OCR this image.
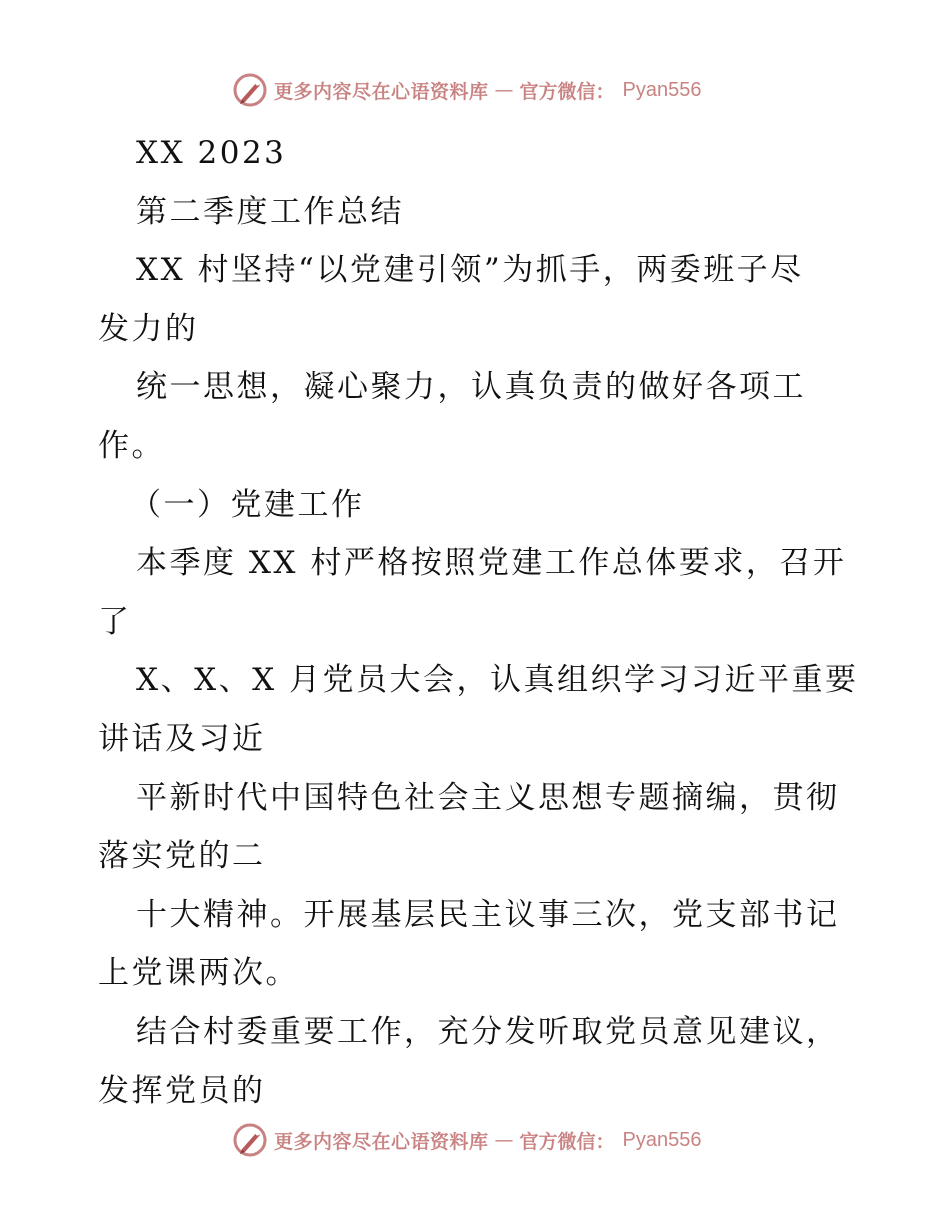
更多内容尽在心语资料库 — 官方微信： Pyan556
XX 2023
第二季度工作总结
XX 村坚持“以党建引领”为抓手，两委班子尽
发力的
统一思想，凝心聚力，认真负责的做好各项工
作。
（一）党建工作
本季度 XX 村严格按照党建工作总体要求，召开
了
X、X、X 月党员大会，认真组织学习习近平重要
讲话及习近
平新时代中国特色社会主义思想专题摘编，贯彻
落实党的二
十大精神。开展基层民主议事三次，党支部书记
上党课两次。
结合村委重要工作，充分发听取党员意见建议，
发挥党员的
更多内容尽在心语资料库 — 官方微信： Pyan556
